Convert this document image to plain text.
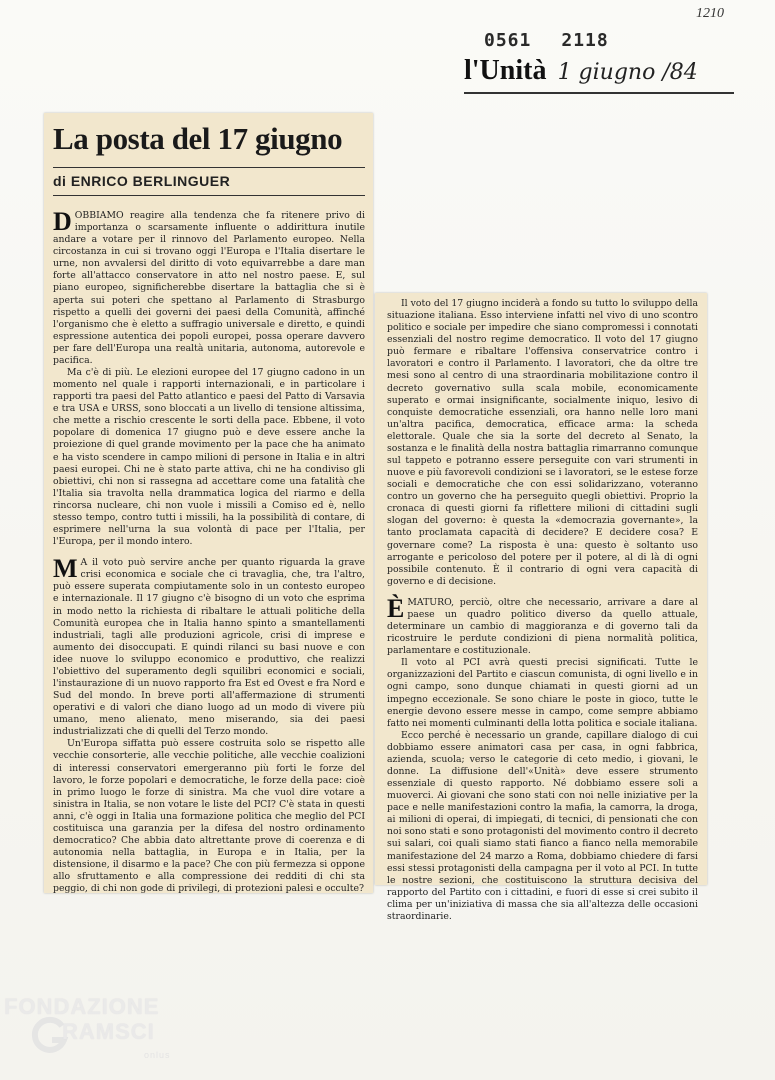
1210
0561 2118
l'Unità 1 giugno /84
La posta del 17 giugno
di ENRICO BERLINGUER

DOBBIAMO reagire alla tendenza che fa ritenere privo di importanza o scarsamente influente o addirittura inutile andare a votare per il rinnovo del Parlamento europeo. Nella circostanza in cui si trovano oggi l'Europa e l'Italia disertare le urne, non avvalersi del diritto di voto equivarrebbe a dare man forte all'attacco conservatore in atto nel nostro paese. E, sul piano europeo, significherebbe disertare la battaglia che si è aperta sui poteri che spettano al Parlamento di Strasburgo rispetto a quelli dei governi dei paesi della Comunità, affinché l'organismo che è eletto a suffragio universale e diretto, e quindi espressione autentica dei popoli europei, possa operare davvero per fare dell'Europa una realtà unitaria, autonoma, autorevole e pacifica.

Ma c'è di più. Le elezioni europee del 17 giugno cadono in un momento nel quale i rapporti internazionali, e in particolare i rapporti tra paesi del Patto atlantico e paesi del Patto di Varsavia e tra USA e URSS, sono bloccati a un livello di tensione altissima, che mette a rischio crescente le sorti della pace. Ebbene, il voto popolare di domenica 17 giugno può e deve essere anche la proiezione di quel grande movimento per la pace che ha animato e ha visto scendere in campo milioni di persone in Italia e in altri paesi europei. Chi ne è stato parte attiva, chi ne ha condiviso gli obiettivi, chi non si rassegna ad accettare come una fatalità che l'Italia sia travolta nella drammatica logica del riarmo e della rincorsa nucleare, chi non vuole i missili a Comiso ed è, nello stesso tempo, contro tutti i missili, ha la possibilità di contare, di esprimere nell'urna la sua volontà di pace per l'Italia, per l'Europa, per il mondo intero.

M A il voto può servire anche per quanto riguarda la grave crisi economica e sociale che ci travaglia, che, tra l'altro, può essere superata compiutamente solo in un contesto europeo e internazionale. Il 17 giugno c'è bisogno di un voto che esprima in modo netto la richiesta di ribaltare le attuali politiche della Comunità europea che in Italia hanno spinto a smantellamenti industriali, tagli alle produzioni agricole, crisi di imprese e aumento dei disoccupati. E quindi rilanci su basi nuove e con idee nuove lo sviluppo economico e produttivo, che realizzi l'obiettivo del superamento degli squilibri economici e sociali, l'instaurazione di un nuovo rapporto fra Est ed Ovest e fra Nord e Sud del mondo. In breve porti all'affermazione di strumenti operativi e di valori che diano luogo ad un modo di vivere più umano, meno alienato, meno miserando, sia dei paesi industrializzati che di quelli del Terzo mondo.

Un'Europa siffatta può essere costruita solo se rispetto alle vecchie consorterie, alle vecchie politiche, alle vecchie coalizioni di interessi conservatori emergeranno più forti le forze del lavoro, le forze popolari e democratiche, le forze della pace: cioè in primo luogo le forze di sinistra. Ma che vuol dire votare a sinistra in Italia, se non votare le liste del PCI? C'è stata in questi anni, c'è oggi in Italia una formazione politica che meglio del PCI costituisca una garanzia per la difesa del nostro ordinamento democratico? Che abbia dato altrettante prove di coerenza e di autonomia nella battaglia, in Europa e in Italia, per la distensione, il disarmo e la pace? Che con più fermezza si oppone allo sfruttamento e alla compressione dei redditi di chi sta peggio, di chi non gode di privilegi, di protezioni palesi e occulte?

Il voto del 17 giugno inciderà a fondo su tutto lo sviluppo della situazione italiana. Esso interviene infatti nel vivo di uno scontro politico e sociale per impedire che siano compromessi i connotati essenziali del nostro regime democratico. Il voto del 17 giugno può fermare e ribaltare l'offensiva conservatrice contro i lavoratori e contro il Parlamento. I lavoratori, che da oltre tre mesi sono al centro di una straordinaria mobilitazione contro il decreto governativo sulla scala mobile, economicamente superato e ormai insignificante, socialmente iniquo, lesivo di conquiste democratiche essenziali, ora hanno nelle loro mani un'altra pacifica, democratica, efficace arma: la scheda elettorale. Quale che sia la sorte del decreto al Senato, la sostanza e le finalità della nostra battaglia rimarranno comunque sul tappeto e potranno essere perseguite con vari strumenti in nuove e più favorevoli condizioni se i lavoratori, se le estese forze sociali e democratiche che con essi solidarizzano, voteranno contro un governo che ha perseguito quegli obiettivi. Proprio la cronaca di questi giorni fa riflettere milioni di cittadini sugli slogan del governo: è questa la «democrazia governante», la tanto proclamata capacità di decidere? E decidere cosa? E governare come? La risposta è una: questo è soltanto uso arrogante e pericoloso del potere per il potere, al di là di ogni possibile contenuto. È il contrario di ogni vera capacità di governo e di decisione.

ÈMATURO, perciò, oltre che necessario, arrivare a dare al paese un quadro politico diverso da quello attuale, determinare un cambio di maggioranza e di governo tali da ricostruire le perdute condizioni di piena normalità politica, parlamentare e costituzionale.

Il voto al PCI avrà questi precisi significati. Tutte le organizzazioni del Partito e ciascun comunista, di ogni livello e in ogni campo, sono dunque chiamati in questi giorni ad un impegno eccezionale. Se sono chiare le poste in gioco, tutte le energie devono essere messe in campo, come sempre abbiamo fatto nei momenti culminanti della lotta politica e sociale italiana.

Ecco perché è necessario un grande, capillare dialogo di cui dobbiamo essere animatori casa per casa, in ogni fabbrica, azienda, scuola; verso le categorie di ceto medio, i giovani, le donne. La diffusione dell'«Unità» deve essere strumento essenziale di questo rapporto. Né dobbiamo essere soli a muoverci. Ai giovani che sono stati con noi nelle iniziative per la pace e nelle manifestazioni contro la mafia, la camorra, la droga, ai milioni di operai, di impiegati, di tecnici, di pensionati che con noi sono stati e sono protagonisti del movimento contro il decreto sui salari, coi quali siamo stati fianco a fianco nella memorabile manifestazione del 24 marzo a Roma, dobbiamo chiedere di farsi essi stessi protagonisti della campagna per il voto al PCI. In tutte le nostre sezioni, che costituiscono la struttura decisiva del rapporto del Partito con i cittadini, e fuori di esse si crei subito il clima per un'iniziativa di massa che sia all'altezza delle occasioni straordinarie.

FONDAZIONE
RAMSCI
onlus
